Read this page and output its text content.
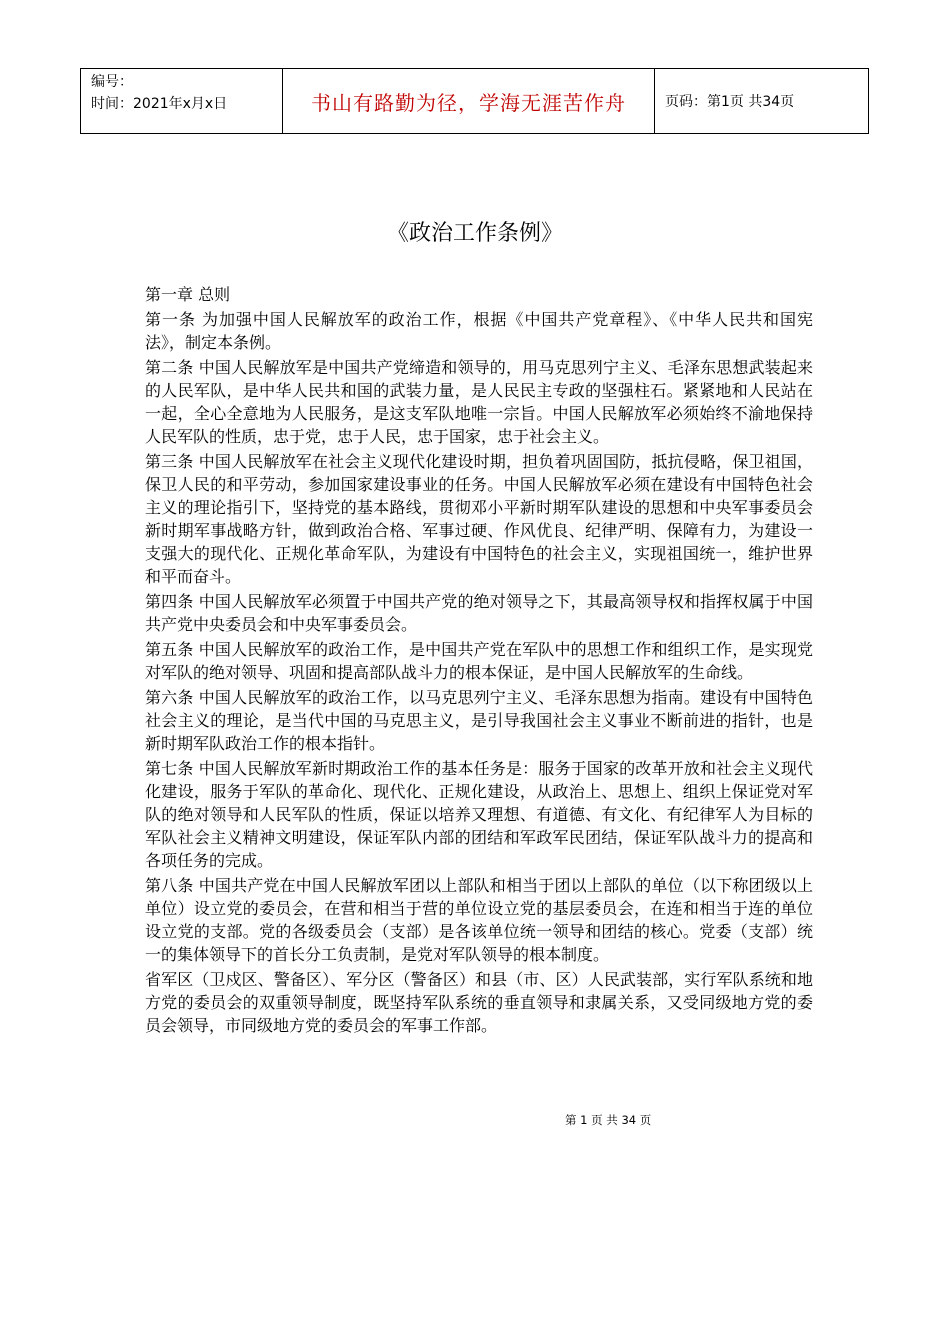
编号：
时间：2021年x月x日	书山有路勤为径，学海无涯苦作舟	页码：第1页 共34页
《政治工作条例》
第一章 总则

第一条 为加强中国人民解放军的政治工作，根据《中国共产党章程》、《中华人民共和国宪法》，制定本条例。

第二条 中国人民解放军是中国共产党缔造和领导的，用马克思列宁主义、毛泽东思想武装起来的人民军队，是中华人民共和国的武装力量，是人民民主专政的坚强柱石。紧紧地和人民站在一起，全心全意地为人民服务，是这支军队地唯一宗旨。中国人民解放军必须始终不渝地保持人民军队的性质，忠于党，忠于人民，忠于国家，忠于社会主义。

第三条 中国人民解放军在社会主义现代化建设时期，担负着巩固国防，抵抗侵略，保卫祖国，保卫人民的和平劳动，参加国家建设事业的任务。中国人民解放军必须在建设有中国特色社会主义的理论指引下，坚持党的基本路线，贯彻邓小平新时期军队建设的思想和中央军事委员会新时期军事战略方针，做到政治合格、军事过硬、作风优良、纪律严明、保障有力，为建设一支强大的现代化、正规化革命军队，为建设有中国特色的社会主义，实现祖国统一，维护世界和平而奋斗。

第四条 中国人民解放军必须置于中国共产党的绝对领导之下，其最高领导权和指挥权属于中国共产党中央委员会和中央军事委员会。

第五条 中国人民解放军的政治工作，是中国共产党在军队中的思想工作和组织工作，是实现党对军队的绝对领导、巩固和提高部队战斗力的根本保证，是中国人民解放军的生命线。

第六条 中国人民解放军的政治工作，以马克思列宁主义、毛泽东思想为指南。建设有中国特色社会主义的理论，是当代中国的马克思主义，是引导我国社会主义事业不断前进的指针，也是新时期军队政治工作的根本指针。

第七条 中国人民解放军新时期政治工作的基本任务是：服务于国家的改革开放和社会主义现代化建设，服务于军队的革命化、现代化、正规化建设，从政治上、思想上、组织上保证党对军队的绝对领导和人民军队的性质，保证以培养又理想、有道德、有文化、有纪律军人为目标的军队社会主义精神文明建设，保证军队内部的团结和军政军民团结，保证军队战斗力的提高和各项任务的完成。

第八条 中国共产党在中国人民解放军团以上部队和相当于团以上部队的单位（以下称团级以上单位）设立党的委员会，在营和相当于营的单位设立党的基层委员会，在连和相当于连的单位设立党的支部。党的各级委员会（支部）是各该单位统一领导和团结的核心。党委（支部）统一的集体领导下的首长分工负责制，是党对军队领导的根本制度。

省军区（卫戍区、警备区）、军分区（警备区）和县（市、区）人民武装部，实行军队系统和地方党的委员会的双重领导制度，既坚持军队系统的垂直领导和隶属关系，又受同级地方党的委员会领导，市同级地方党的委员会的军事工作部。

第 1 页 共 34 页
